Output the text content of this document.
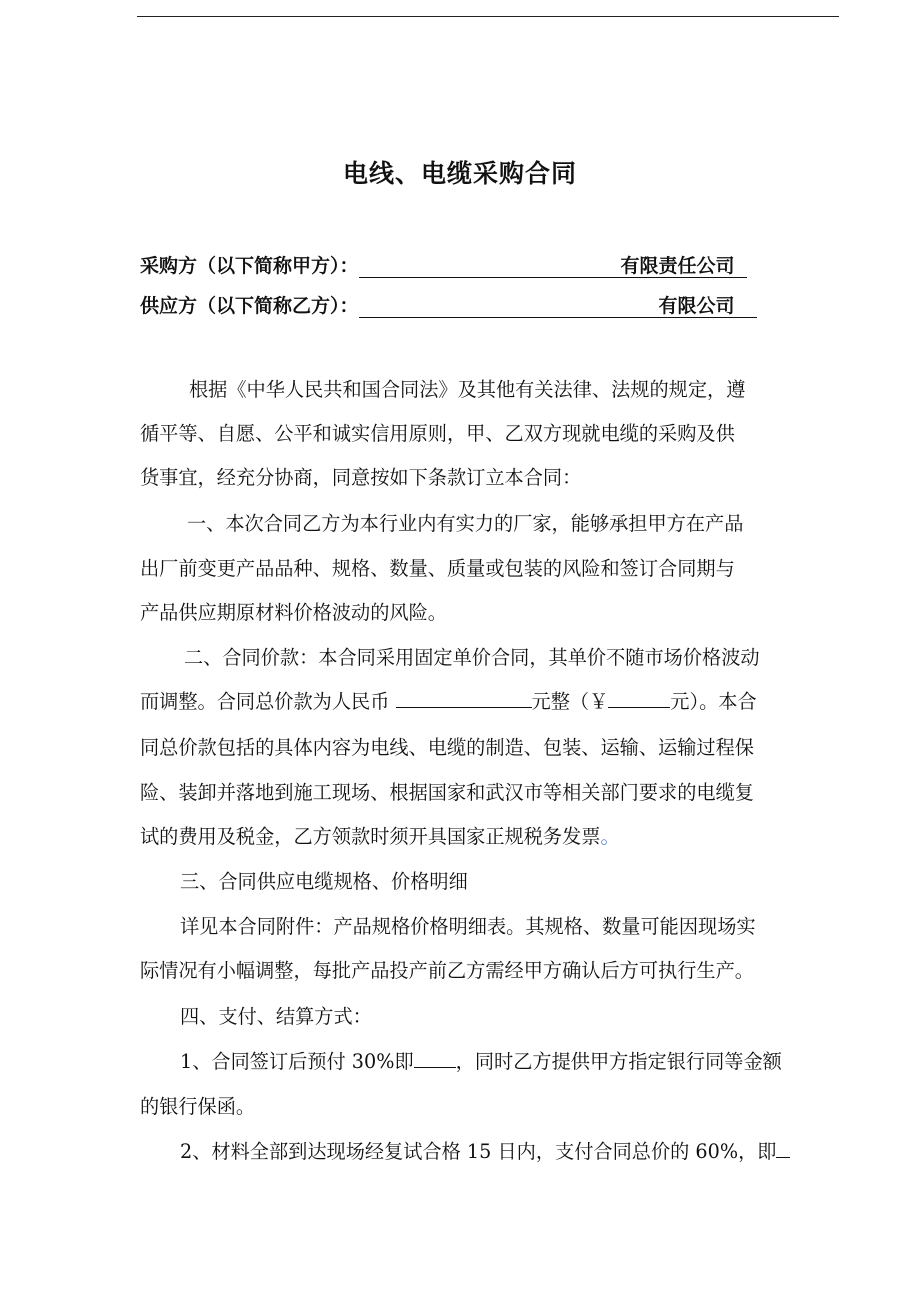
电线、电缆采购合同
采购方（以下简称甲方）：	有限责任公司
供应方（以下简称乙方）：	有限公司
根据《中华人民共和国合同法》及其他有关法律、法规的规定，遵
循平等、自愿、公平和诚实信用原则，甲、乙双方现就电缆的采购及供
货事宜，经充分协商，同意按如下条款订立本合同：
一、本次合同乙方为本行业内有实力的厂家，能够承担甲方在产品
出厂前变更产品品种、规格、数量、质量或包装的风险和签订合同期与
产品供应期原材料价格波动的风险。
二、合同价款：本合同采用固定单价合同，其单价不随市场价格波动
而调整。合同总价款为人民币	元整（￥	元）。本合
同总价款包括的具体内容为电线、电缆的制造、包装、运输、运输过程保
险、装卸并落地到施工现场、根据国家和武汉市等相关部门要求的电缆复
试的费用及税金，乙方领款时须开具国家正规税务发票。
三、合同供应电缆规格、价格明细
详见本合同附件：产品规格价格明细表。其规格、数量可能因现场实
际情况有小幅调整，每批产品投产前乙方需经甲方确认后方可执行生产。
四、支付、结算方式：
1、合同签订后预付 30%即 ，同时乙方提供甲方指定银行同等金额
的银行保函。
2、材料全部到达现场经复试合格 15 日内，支付合同总价的 60%，即
